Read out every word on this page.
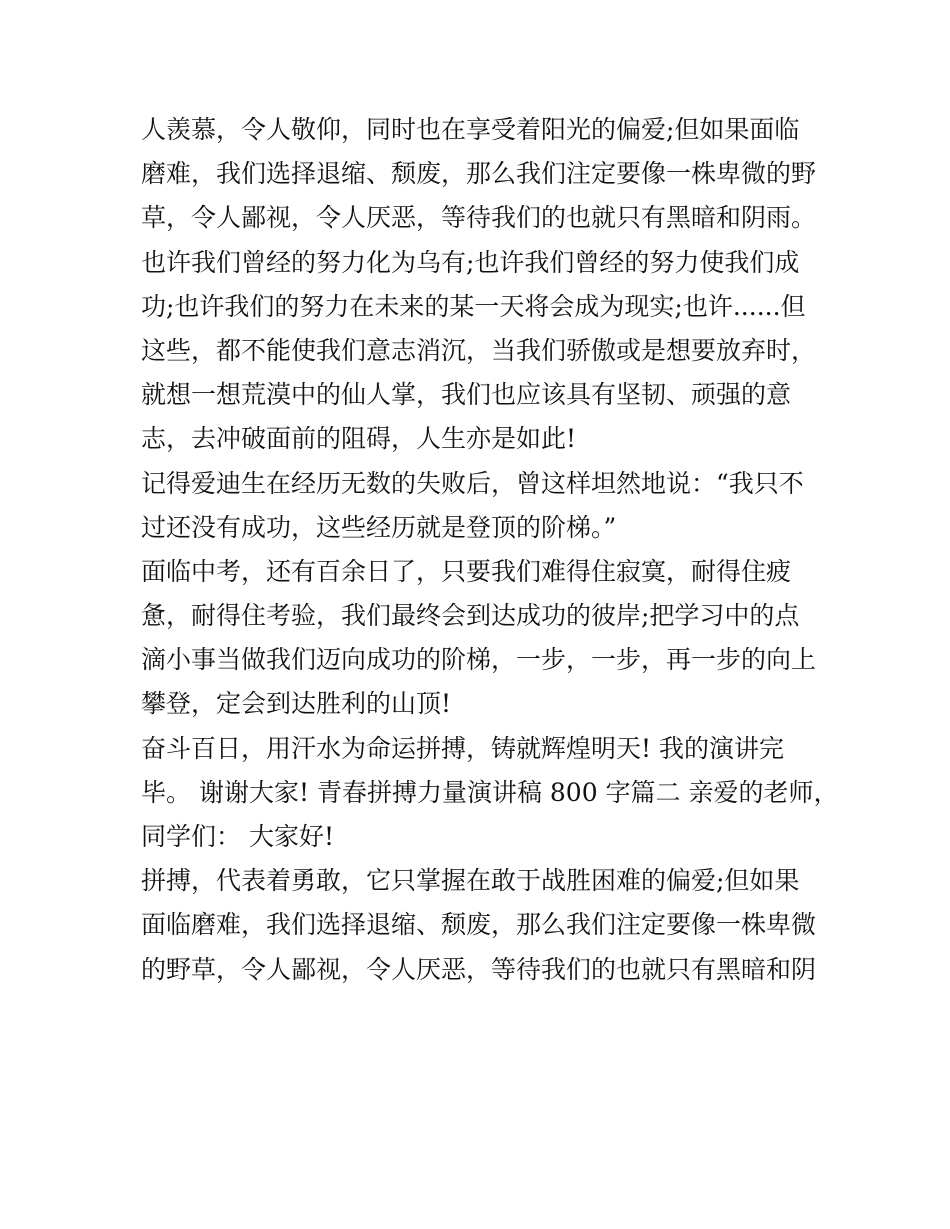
人羡慕，令人敬仰，同时也在享受着阳光的偏爱;但如果面临
磨难，我们选择退缩、颓废，那么我们注定要像一株卑微的野
草，令人鄙视，令人厌恶，等待我们的也就只有黑暗和阴雨。
也许我们曾经的努力化为乌有;也许我们曾经的努力使我们成
功;也许我们的努力在未来的某一天将会成为现实;也许......但
这些，都不能使我们意志消沉，当我们骄傲或是想要放弃时，
就想一想荒漠中的仙人掌，我们也应该具有坚韧、顽强的意
志，去冲破面前的阻碍，人生亦是如此!
记得爱迪生在经历无数的失败后，曾这样坦然地说：“我只不
过还没有成功，这些经历就是登顶的阶梯。”
面临中考，还有百余日了，只要我们难得住寂寞，耐得住疲
惫，耐得住考验，我们最终会到达成功的彼岸;把学习中的点
滴小事当做我们迈向成功的阶梯，一步，一步，再一步的向上
攀登，定会到达胜利的山顶!
奋斗百日，用汗水为命运拼搏，铸就辉煌明天! 我的演讲完
毕。 谢谢大家! 青春拼搏力量演讲稿 800 字篇二 亲爱的老师，
同学们： 大家好!
拼搏，代表着勇敢，它只掌握在敢于战胜困难的偏爱;但如果
面临磨难，我们选择退缩、颓废，那么我们注定要像一株卑微
的野草，令人鄙视，令人厌恶，等待我们的也就只有黑暗和阴
